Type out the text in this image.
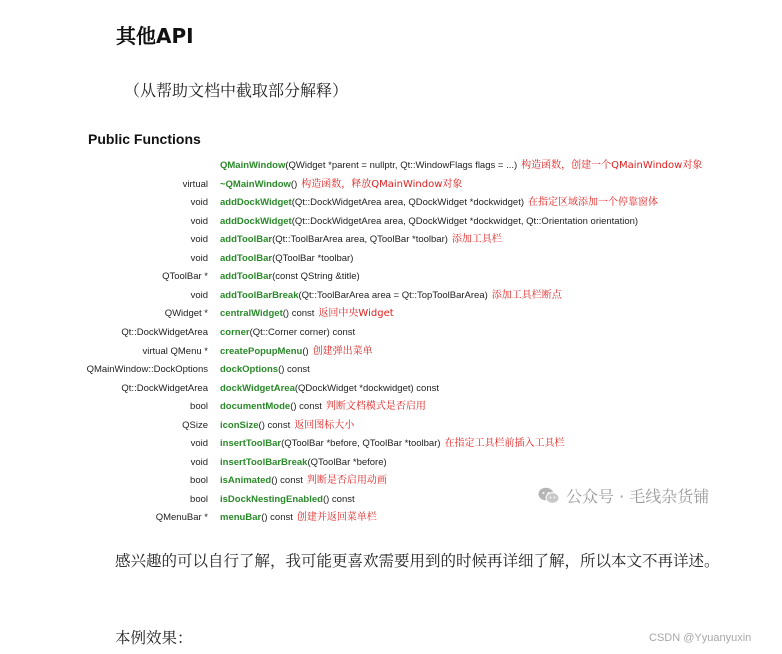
其他API
（从帮助文档中截取部分解释）
Public Functions
QMainWindow(QWidget *parent = nullptr, Qt::WindowFlags flags = ...) 构造函数，创建一个QMainWindow对象
virtual ~QMainWindow() 构造函数，释放QMainWindow对象
void addDockWidget(Qt::DockWidgetArea area, QDockWidget *dockwidget) 在指定区域添加一个停靠窗体
void addDockWidget(Qt::DockWidgetArea area, QDockWidget *dockwidget, Qt::Orientation orientation)
void addToolBar(Qt::ToolBarArea area, QToolBar *toolbar) 添加工具栏
void addToolBar(QToolBar *toolbar)
QToolBar * addToolBar(const QString &title)
void addToolBarBreak(Qt::ToolBarArea area = Qt::TopToolBarArea) 添加工具栏断点
QWidget * centralWidget() const 返回中央Widget
Qt::DockWidgetArea corner(Qt::Corner corner) const
virtual QMenu * createPopupMenu() 创建弹出菜单
QMainWindow::DockOptions dockOptions() const
Qt::DockWidgetArea dockWidgetArea(QDockWidget *dockwidget) const
bool documentMode() const 判断文档模式是否启用
QSize iconSize() const 返回图标大小
void insertToolBar(QToolBar *before, QToolBar *toolbar) 在指定工具栏前插入工具栏
void insertToolBarBreak(QToolBar *before)
bool isAnimated() const 判断是否启用动画
bool isDockNestingEnabled() const
QMenuBar * menuBar() const 创建并返回菜单栏
感兴趣的可以自行了解，我可能更喜欢需要用到的时候再详细了解，所以本文不再详述。
本例效果：
公众号 · 毛线杂货铺
CSDN @Yyuanyuxin
